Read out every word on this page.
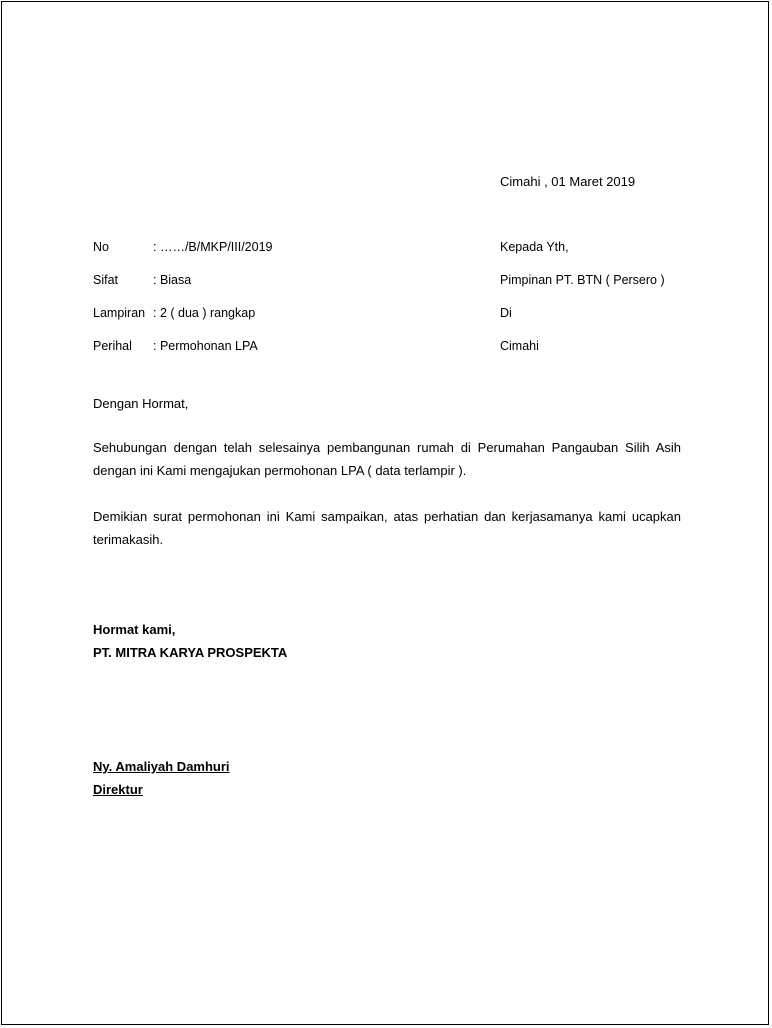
Cimahi , 01 Maret 2019
No	: ……/B/MKP/III/2019
Sifat	: Biasa
Lampiran : 2 ( dua ) rangkap
Perihal : Permohonan LPA
Kepada Yth,
Pimpinan PT. BTN ( Persero )
Di
Cimahi
Dengan Hormat,
Sehubungan dengan telah selesainya pembangunan rumah di Perumahan Pangauban Silih Asih dengan ini Kami mengajukan permohonan LPA ( data terlampir ).
Demikian surat permohonan ini Kami sampaikan, atas perhatian dan kerjasamanya kami ucapkan terimakasih.
Hormat kami,
PT. MITRA KARYA PROSPEKTA
Ny. Amaliyah Damhuri
Direktur
